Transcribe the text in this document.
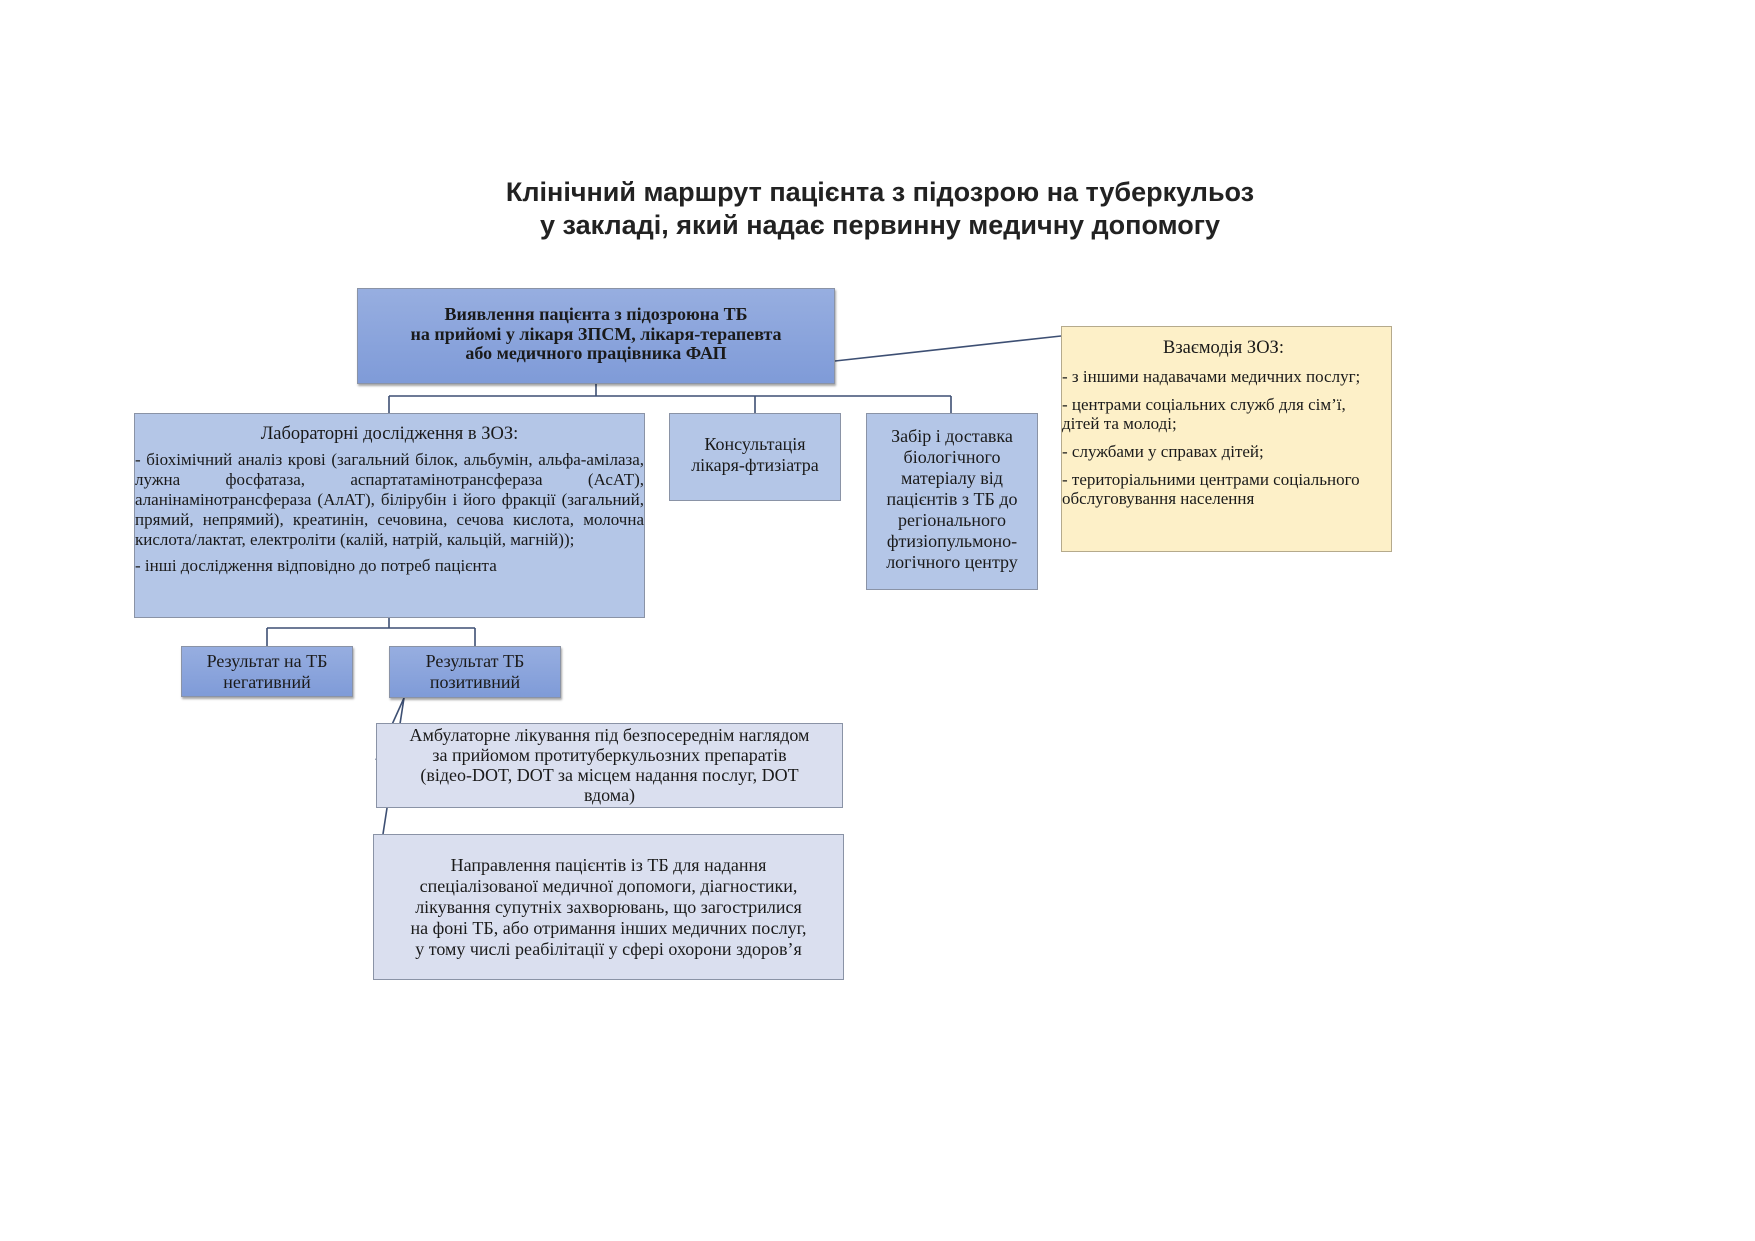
Клінічний маршрут пацієнта з підозрою на туберкульоз
у закладі, який надає первинну медичну допомогу
Виявлення пацієнта з підозроюна ТБ
на прийомі у лікаря ЗПСМ, лікаря-терапевта
або медичного працівника ФАП
Лабораторні дослідження в ЗОЗ:
- біохімічний аналіз крові (загальний білок, альбумін, альфа-амілаза, лужна фосфатаза, аспартатамінотрансфераза (АсАТ), аланінамінотрансфераза (АлАТ), білірубін і його фракції (загальний, прямий, непрямий), креатинін, сечовина, сечова кислота, молочна кислота/лактат, електроліти (калій, натрій, кальцій, магній));
- інші дослідження відповідно до потреб пацієнта
Консультація
лікаря-фтизіатра
Забір і доставка
біологічного
матеріалу від
пацієнтів з ТБ до
регіонального
фтизіопульмоно-
логічного центру
Результат на ТБ
негативний
Результат ТБ
позитивний
Амбулаторне лікування під безпосереднім наглядом
за прийомом протитуберкульозних препаратів
(відео-DOT, DOT за місцем надання послуг, DOT
вдома)
Направлення пацієнтів із ТБ для надання
спеціалізованої медичної допомоги, діагностики,
лікування супутніх захворювань, що загострилися
на фоні ТБ, або отримання інших медичних послуг,
у тому числі реабілітації у сфері охорони здоров’я
Взаємодія ЗОЗ:
- з іншими надавачами медичних послуг;
- центрами соціальних служб для сім’ї, дітей та молоді;
- службами у справах дітей;
- територіальними центрами соціального обслуговування населення
